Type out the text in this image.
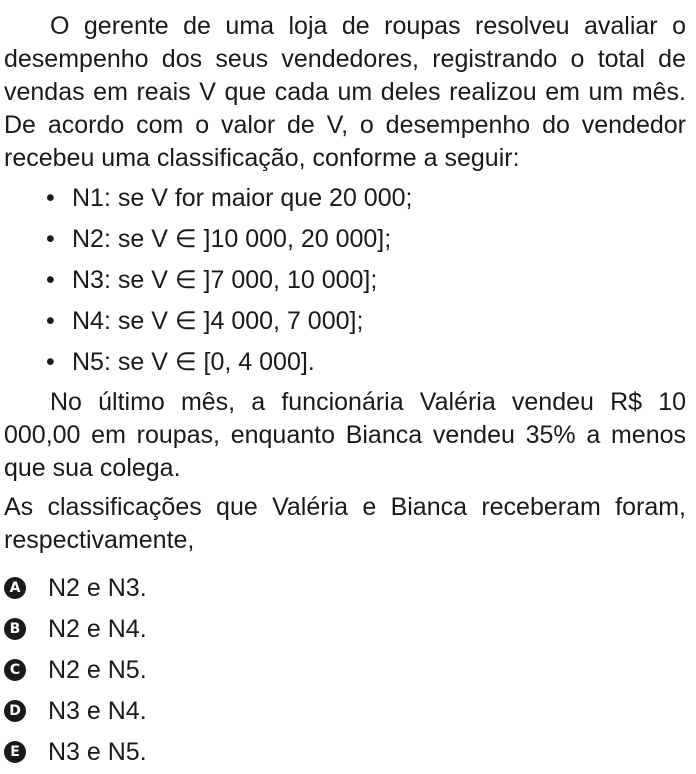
O gerente de uma loja de roupas resolveu avaliar o desempenho dos seus vendedores, registrando o total de vendas em reais V que cada um deles realizou em um mês. De acordo com o valor de V, o desempenho do vendedor recebeu uma classificação, conforme a seguir:

• N1: se V for maior que 20 000;
• N2: se V ∈ ]10 000, 20 000];
• N3: se V ∈ ]7 000, 10 000];
• N4: se V ∈ ]4 000, 7 000];
• N5: se V ∈ [0, 4 000].

No último mês, a funcionária Valéria vendeu R$ 10 000,00 em roupas, enquanto Bianca vendeu 35% a menos que sua colega.

As classificações que Valéria e Bianca receberam foram, respectivamente,

A N2 e N3.
B N2 e N4.
C N2 e N5.
D N3 e N4.
E N3 e N5.
